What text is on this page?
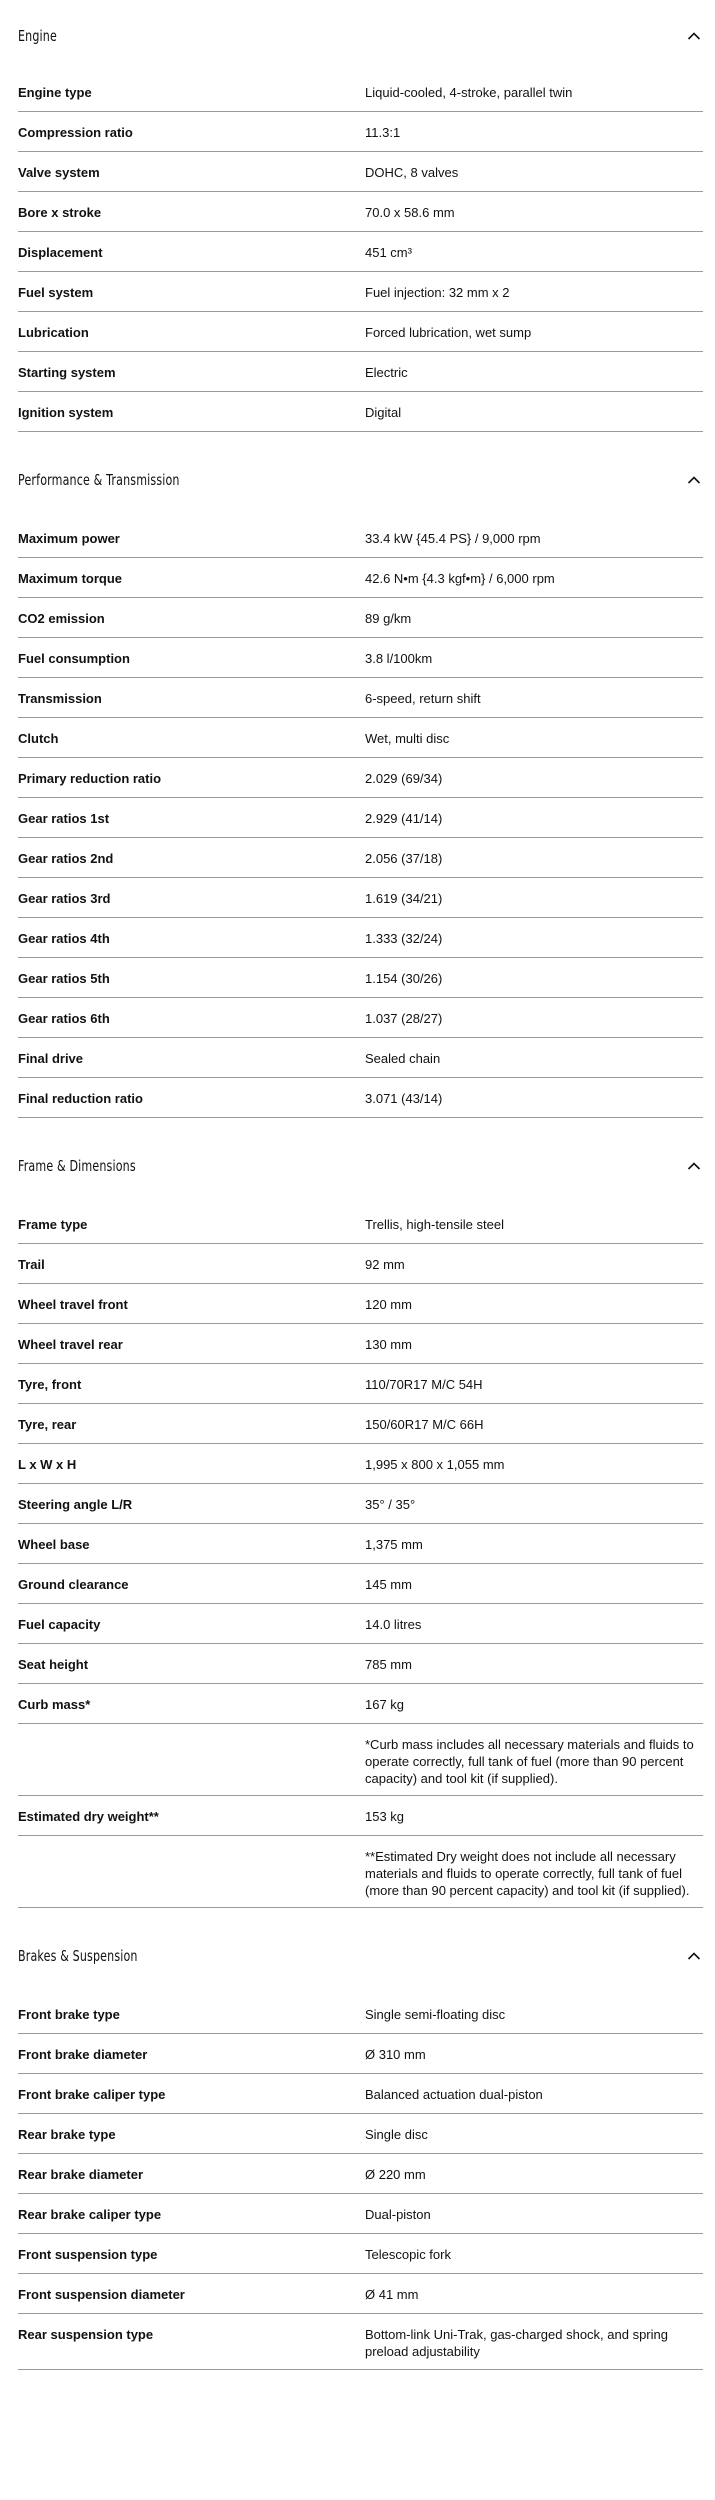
Engine
Engine type	Liquid-cooled, 4-stroke, parallel twin
Compression ratio	11.3:1
Valve system	DOHC, 8 valves
Bore x stroke	70.0 x 58.6 mm
Displacement	451 cm³
Fuel system	Fuel injection: 32 mm x 2
Lubrication	Forced lubrication, wet sump
Starting system	Electric
Ignition system	Digital
Performance & Transmission
Maximum power	33.4 kW {45.4 PS} / 9,000 rpm
Maximum torque	42.6 N•m {4.3 kgf•m} / 6,000 rpm
CO2 emission	89 g/km
Fuel consumption	3.8 l/100km
Transmission	6-speed, return shift
Clutch	Wet, multi disc
Primary reduction ratio	2.029 (69/34)
Gear ratios 1st	2.929 (41/14)
Gear ratios 2nd	2.056 (37/18)
Gear ratios 3rd	1.619 (34/21)
Gear ratios 4th	1.333 (32/24)
Gear ratios 5th	1.154 (30/26)
Gear ratios 6th	1.037 (28/27)
Final drive	Sealed chain
Final reduction ratio	3.071 (43/14)
Frame & Dimensions
Frame type	Trellis, high-tensile steel
Trail	92 mm
Wheel travel front	120 mm
Wheel travel rear	130 mm
Tyre, front	110/70R17 M/C 54H
Tyre, rear	150/60R17 M/C 66H
L x W x H	1,995 x 800 x 1,055 mm
Steering angle L/R	35° / 35°
Wheel base	1,375 mm
Ground clearance	145 mm
Fuel capacity	14.0 litres
Seat height	785 mm
Curb mass*	167 kg
*Curb mass includes all necessary materials and fluids to operate correctly, full tank of fuel (more than 90 percent capacity) and tool kit (if supplied).
Estimated dry weight**	153 kg
**Estimated Dry weight does not include all necessary materials and fluids to operate correctly, full tank of fuel (more than 90 percent capacity) and tool kit (if supplied).
Brakes & Suspension
Front brake type	Single semi-floating disc
Front brake diameter	Ø 310 mm
Front brake caliper type	Balanced actuation dual-piston
Rear brake type	Single disc
Rear brake diameter	Ø 220 mm
Rear brake caliper type	Dual-piston
Front suspension type	Telescopic fork
Front suspension diameter	Ø 41 mm
Rear suspension type	Bottom-link Uni-Trak, gas-charged shock, and spring preload adjustability
